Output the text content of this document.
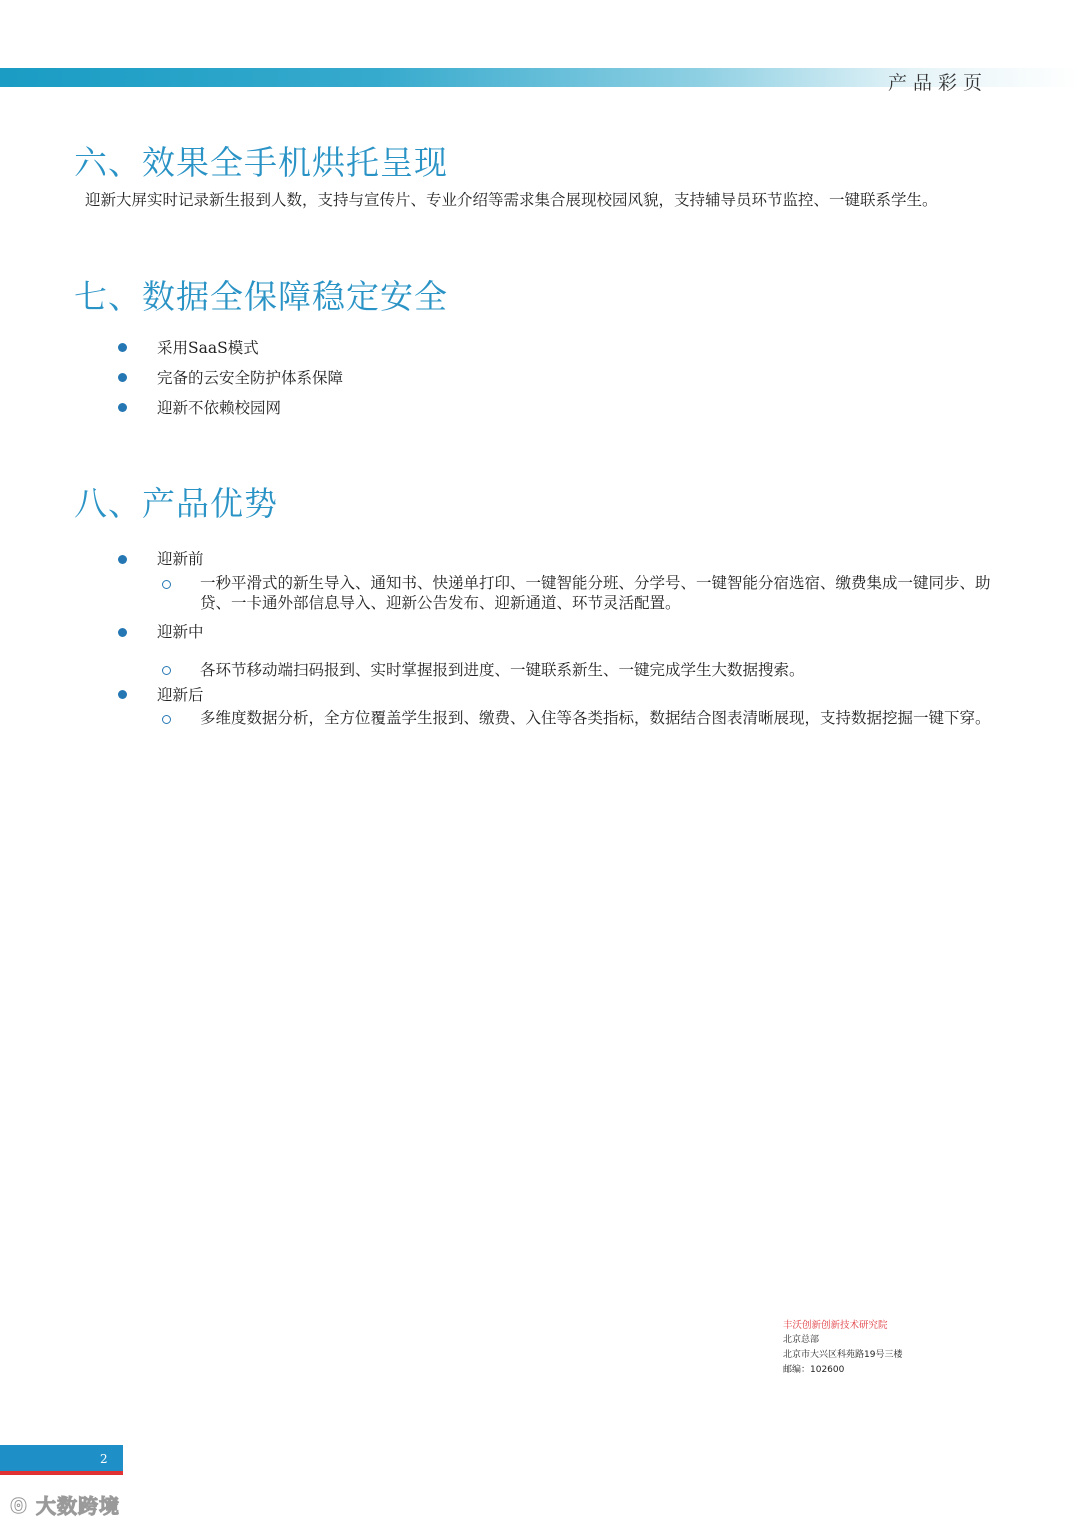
产品彩页
六、效果全手机烘托呈现
迎新大屏实时记录新生报到人数，支持与宣传片、专业介绍等需求集合展现校园风貌，支持辅导员环节监控、一键联系学生。
七、数据全保障稳定安全
采用SaaS模式
完备的云安全防护体系保障
迎新不依赖校园网
八、产品优势
迎新前
一秒平滑式的新生导入、通知书、快递单打印、一键智能分班、分学号、一键智能分宿选宿、缴费集成一键同步、助贷、一卡通外部信息导入、迎新公告发布、迎新通道、环节灵活配置。
迎新中
各环节移动端扫码报到、实时掌握报到进度、一键联系新生、一键完成学生大数据搜索。
迎新后
多维度数据分析，全方位覆盖学生报到、缴费、入住等各类指标，数据结合图表清晰展现，支持数据挖掘一键下穿。
丰沃创新创新技术研究院
北京总部
北京市大兴区科苑路19号三楼
邮编：102600
2
ʘ 大数跨境
